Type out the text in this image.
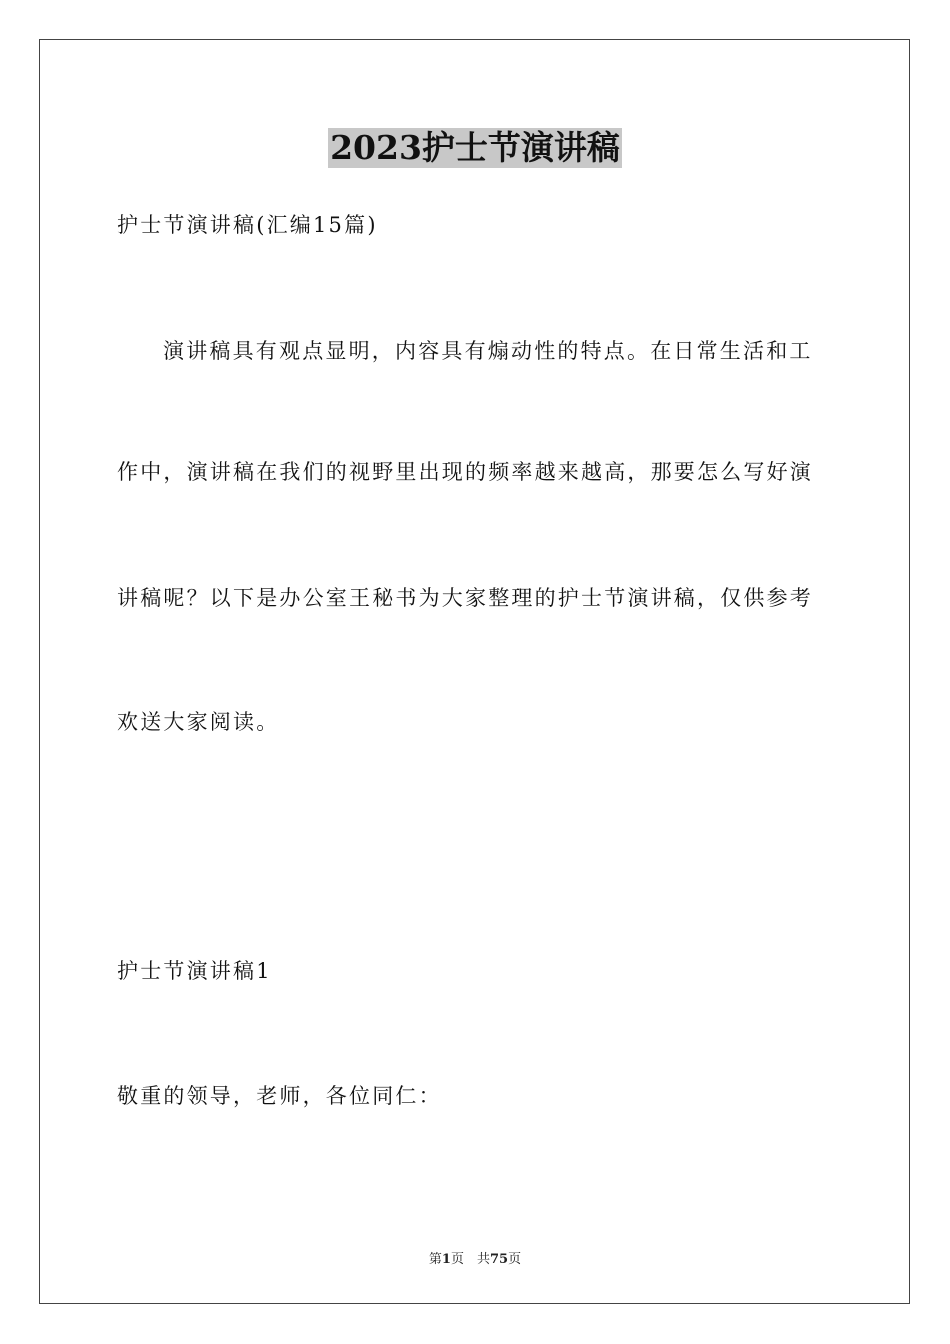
2023护士节演讲稿
护士节演讲稿(汇编15篇)
演讲稿具有观点显明，内容具有煽动性的特点。在日常生活和工
作中，演讲稿在我们的视野里出现的频率越来越高，那要怎么写好演
讲稿呢？以下是办公室王秘书为大家整理的护士节演讲稿，仅供参考
欢送大家阅读。
护士节演讲稿1
敬重的领导，老师，各位同仁：
第1页　共75页
